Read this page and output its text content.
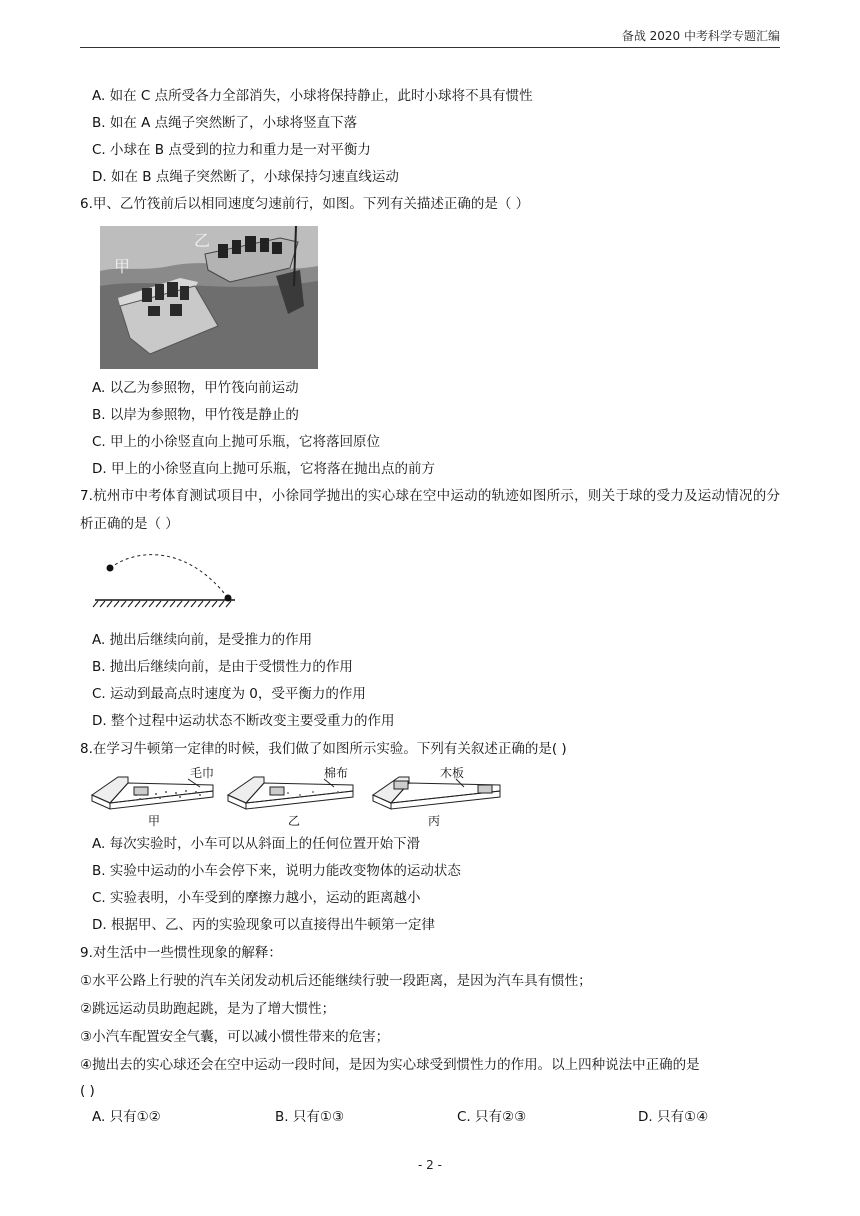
备战 2020 中考科学专题汇编
A. 如在 C 点所受各力全部消失，小球将保持静止，此时小球将不具有惯性
B. 如在 A 点绳子突然断了，小球将竖直下落
C. 小球在 B 点受到的拉力和重力是一对平衡力
D. 如在 B 点绳子突然断了，小球保持匀速直线运动
6.甲、乙竹筏前后以相同速度匀速前行，如图。下列有关描述正确的是（ ）
甲
乙
A. 以乙为参照物，甲竹筏向前运动
B. 以岸为参照物，甲竹筏是静止的
C. 甲上的小徐竖直向上抛可乐瓶，它将落回原位
D. 甲上的小徐竖直向上抛可乐瓶，它将落在抛出点的前方
7.杭州市中考体育测试项目中，小徐同学抛出的实心球在空中运动的轨迹如图所示，则关于球的受力及运动情况的分析正确的是（ ）
A. 抛出后继续向前，是受推力的作用
B. 抛出后继续向前，是由于受惯性力的作用
C. 运动到最高点时速度为 0，受平衡力的作用
D. 整个过程中运动状态不断改变主要受重力的作用
8.在学习牛顿第一定律的时候，我们做了如图所示实验。下列有关叙述正确的是( )
毛巾
甲
棉布
乙
木板
丙
A. 每次实验时，小车可以从斜面上的任何位置开始下滑
B. 实验中运动的小车会停下来，说明力能改变物体的运动状态
C. 实验表明，小车受到的摩擦力越小，运动的距离越小
D. 根据甲、乙、丙的实验现象可以直接得出牛顿第一定律
9.对生活中一些惯性现象的解释：
①水平公路上行驶的汽车关闭发动机后还能继续行驶一段距离，是因为汽车具有惯性；
②跳远运动员助跑起跳，是为了增大惯性；
③小汽车配置安全气囊，可以减小惯性带来的危害；
④抛出去的实心球还会在空中运动一段时间，是因为实心球受到惯性力的作用。以上四种说法中正确的是
( )
A. 只有①②	B. 只有①③	C. 只有②③	D. 只有①④
- 2 -
